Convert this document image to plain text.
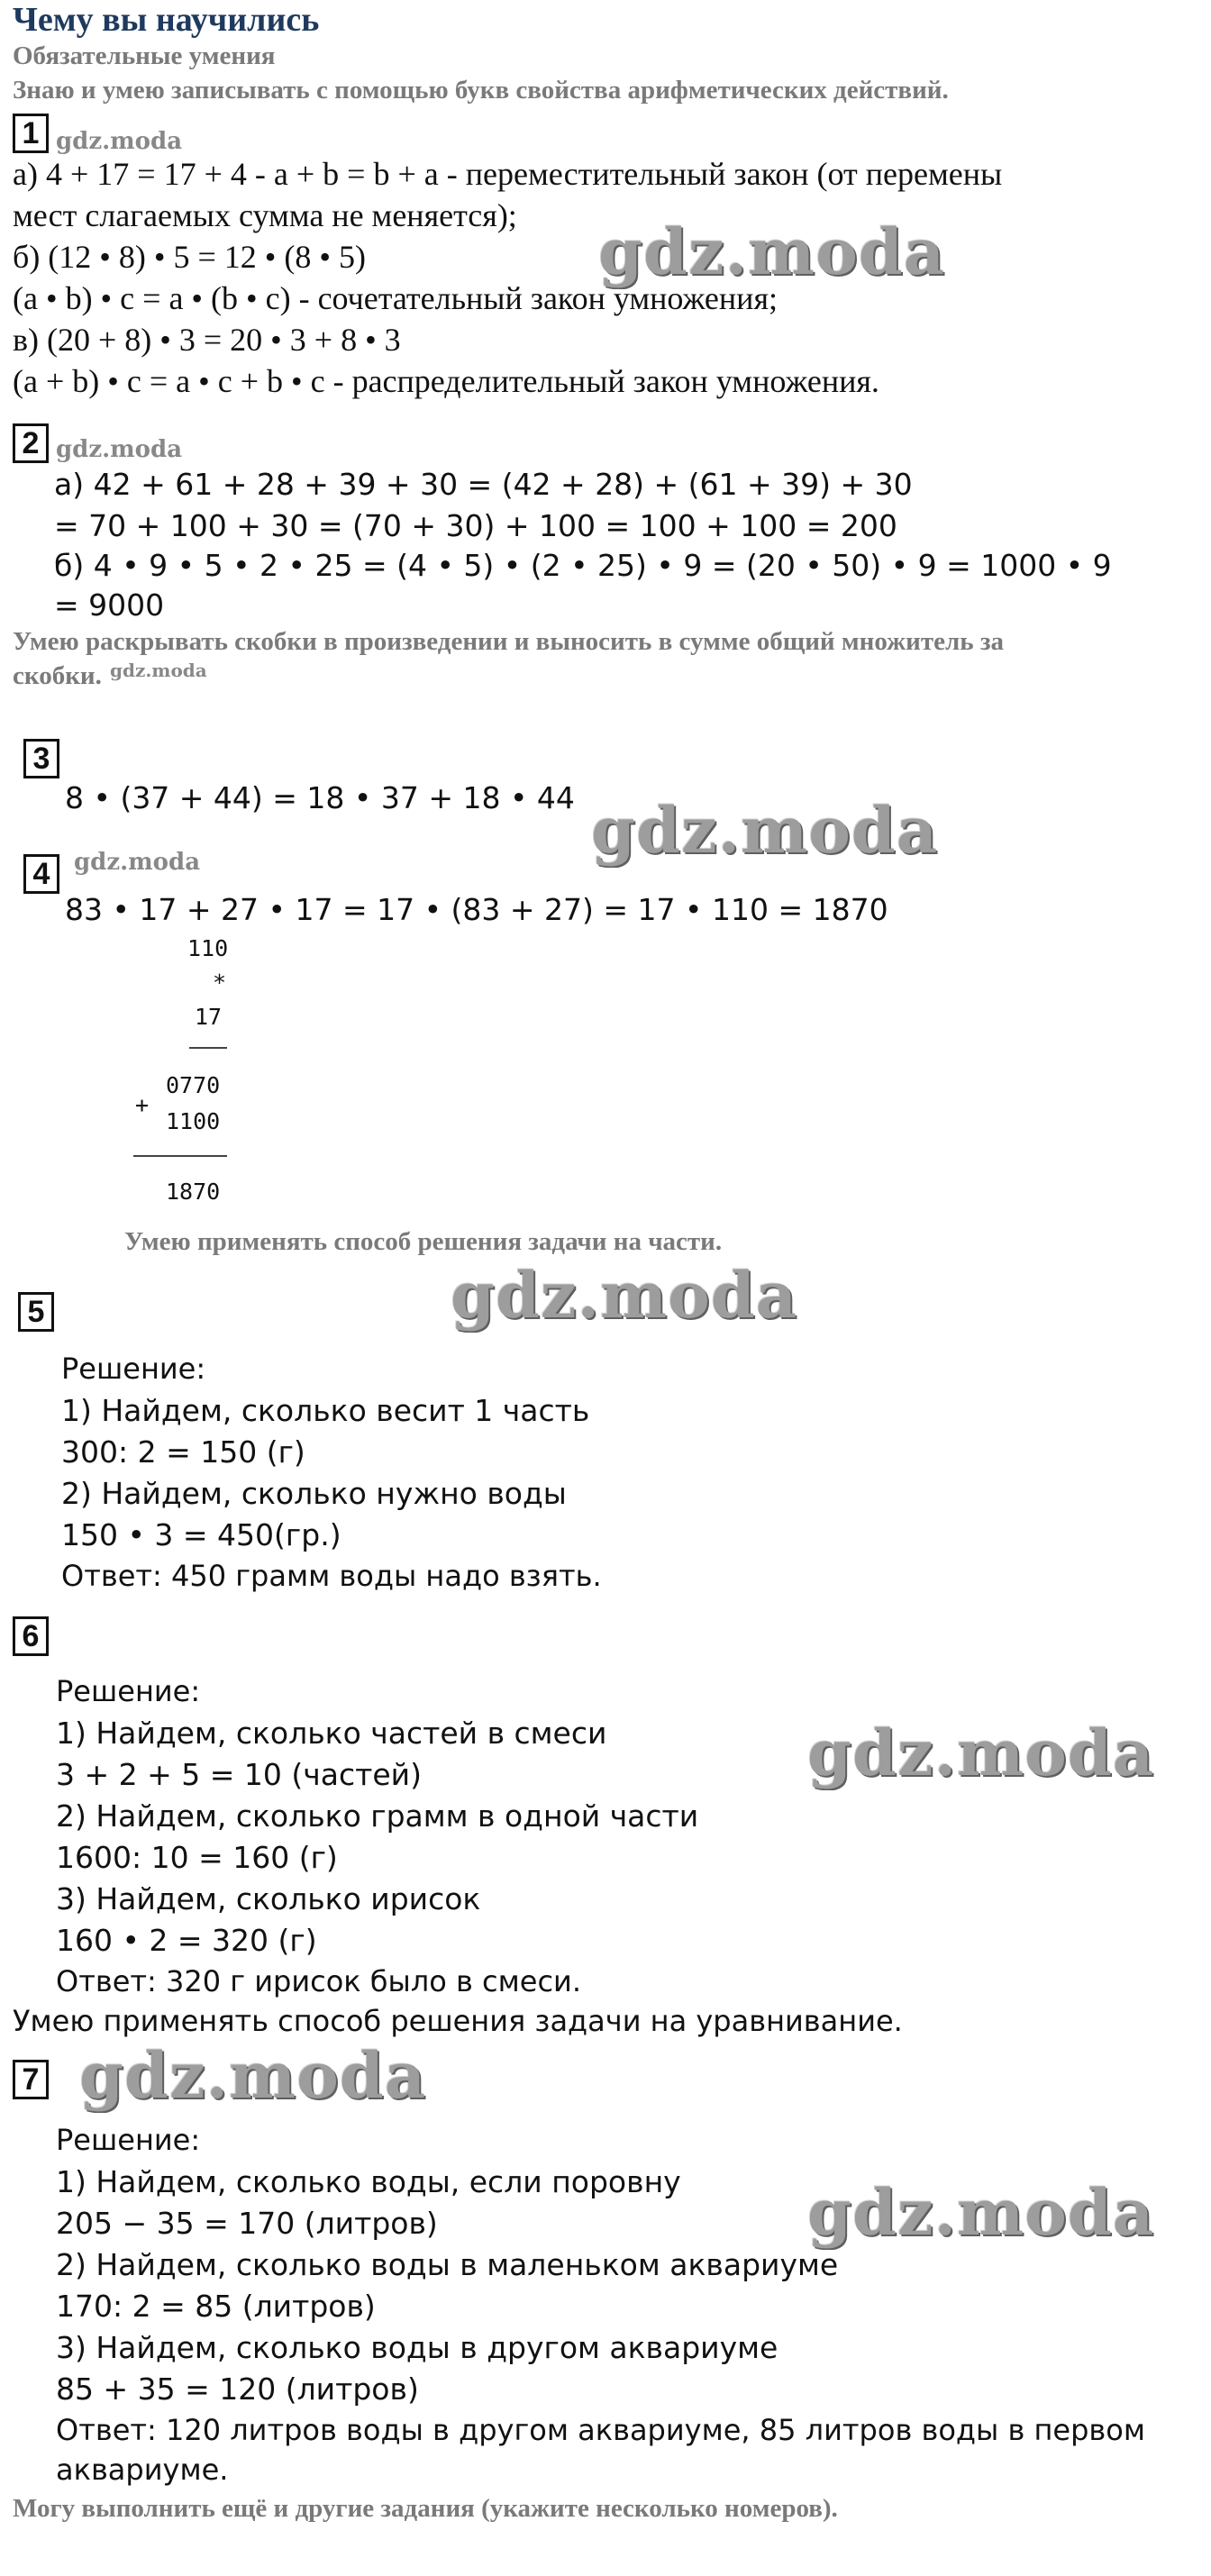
Чему вы научились
Обязательные умения
Знаю и умею записывать с помощью букв свойства арифметических действий.
1 gdz.moda
а) 4 + 17 = 17 + 4 - а + b = b + а - переместительный закон (от перемены
мест слагаемых сумма не меняется);
б) (12 • 8) • 5 = 12 • (8 • 5)	gdz.moda
(а • b) • с = а • (b • с) - сочетательный закон умножения;
в) (20 + 8) • 3 = 20 • 3 + 8 • 3
(а + b) • с = а • с + b • с - распределительный закон умножения.
2 gdz.moda
а) 42 + 61 + 28 + 39 + 30 = (42 + 28) + (61 + 39) + 30
= 70 + 100 + 30 = (70 + 30) + 100 = 100 + 100 = 200
б) 4 • 9 • 5 • 2 • 25 = (4 • 5) • (2 • 25) • 9 = (20 • 50) • 9 = 1000 • 9
= 9000
Умею раскрывать скобки в произведении и выносить в сумме общий множитель за
скобки. gdz.moda
3
8 • (37 + 44) = 18 • 37 + 18 • 44 gdz.moda
4	gdz.moda
83 • 17 + 27 • 17 = 17 • (83 + 27) = 17 • 110 = 1870
110
*
17
0770
+
1100
1870
Умею применять способ решения задачи на части.
gdz.moda
5
Решение:
1) Найдем, сколько весит 1 часть
300: 2 = 150 (г)
2) Найдем, сколько нужно воды
150 • 3 = 450(гр.)
Ответ: 450 грамм воды надо взять.
6
Решение:
1) Найдем, сколько частей в смеси	gdz.moda
3 + 2 + 5 = 10 (частей)
2) Найдем, сколько грамм в одной части
1600: 10 = 160 (г)
3) Найдем, сколько ирисок
160 • 2 = 320 (г)
Ответ: 320 г ирисок было в смеси.
Умею применять способ решения задачи на уравнивание.
7 gdz.moda
Решение:
1) Найдем, сколько воды, если поровну gdz.moda
205 − 35 = 170 (литров)
2) Найдем, сколько воды в маленьком аквариуме
170: 2 = 85 (литров)
3) Найдем, сколько воды в другом аквариуме
85 + 35 = 120 (литров)
Ответ: 120 литров воды в другом аквариуме, 85 литров воды в первом
аквариуме.
Могу выполнить ещё и другие задания (укажите несколько номеров).
